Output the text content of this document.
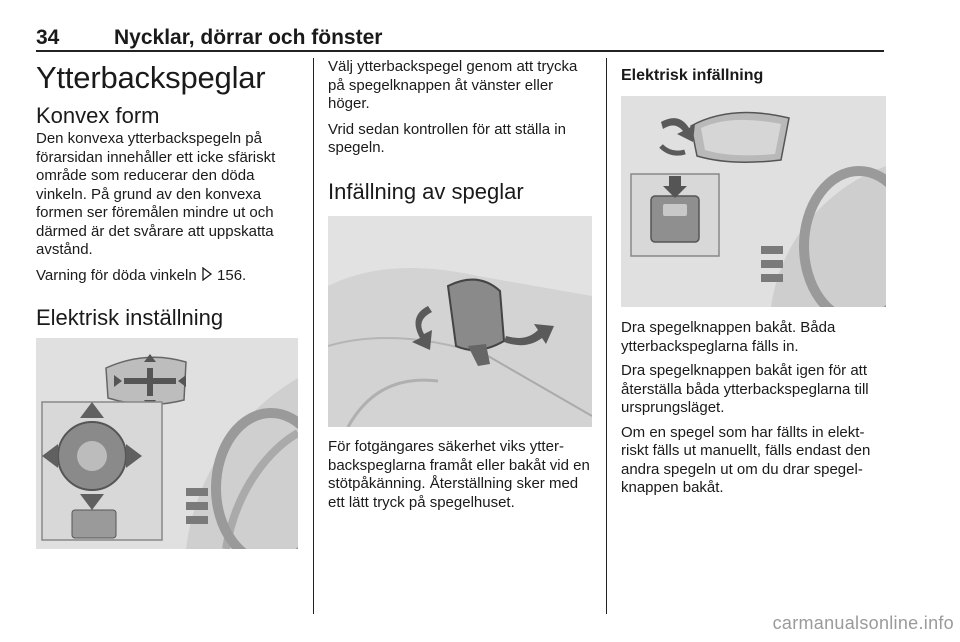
34	Nycklar, dörrar och fönster
Ytterbackspeglar
Konvex form

Den konvexa ytterbackspegeln på förarsidan innehåller ett icke sfäriskt område som reducerar den döda vinkeln. På grund av den konvexa formen ser föremålen mindre ut och därmed är det svårare att uppskatta avstånd.

Varning för döda vinkeln 156.

Elektrisk inställning

Välj ytterbackspegel genom att trycka på spegelknappen åt vänster eller höger.

Vrid sedan kontrollen för att ställa in spegeln.

Infällning av speglar

För fotgängares säkerhet viks ytterbackspeglarna framåt eller bakåt vid en stötpåkänning. Återställning sker med ett lätt tryck på spegelhuset.

Elektrisk infällning

Dra spegelknappen bakåt. Båda ytterbackspeglarna fälls in.

Dra spegelknappen bakåt igen för att återställa båda ytterbackspeglarna till ursprungsläget.

Om en spegel som har fällts in elektriskt fälls ut manuellt, fälls endast den andra spegeln ut om du drar spegelknappen bakåt.

carmanualsonline.info
